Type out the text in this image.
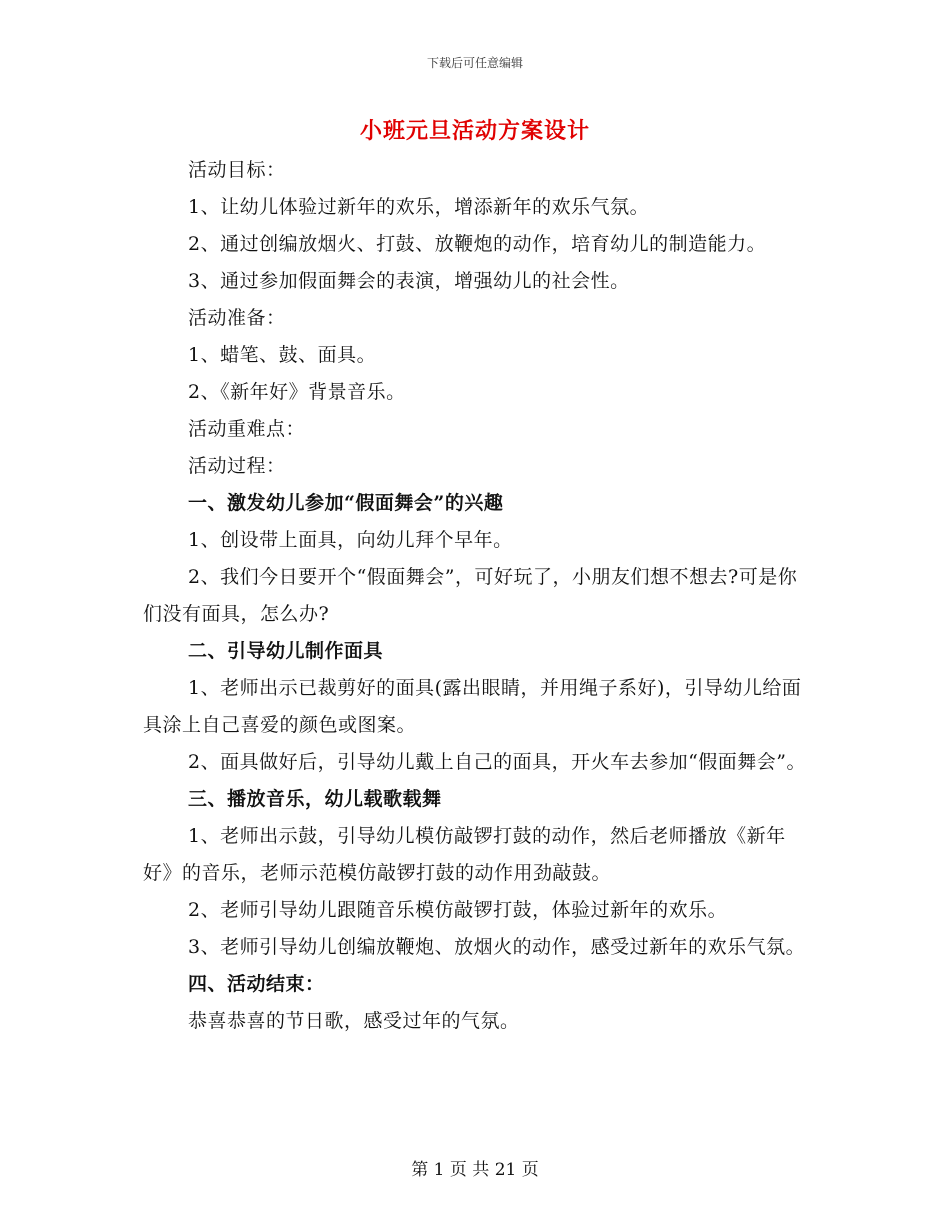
下载后可任意编辑
小班元旦活动方案设计

活动目标：

1、让幼儿体验过新年的欢乐，增添新年的欢乐气氛。

2、通过创编放烟火、打鼓、放鞭炮的动作，培育幼儿的制造能力。

3、通过参加假面舞会的表演，增强幼儿的社会性。

活动准备：

1、蜡笔、鼓、面具。

2、《新年好》背景音乐。

活动重难点：

活动过程：

一、激发幼儿参加“假面舞会”的兴趣

1、创设带上面具，向幼儿拜个早年。

2、我们今日要开个“假面舞会”，可好玩了，小朋友们想不想去?可是你们没有面具，怎么办?

二、引导幼儿制作面具

1、老师出示已裁剪好的面具(露出眼睛，并用绳子系好)，引导幼儿给面具涂上自己喜爱的颜色或图案。

2、面具做好后，引导幼儿戴上自己的面具，开火车去参加“假面舞会”。

三、播放音乐，幼儿载歌载舞

1、老师出示鼓，引导幼儿模仿敲锣打鼓的动作，然后老师播放《新年好》的音乐，老师示范模仿敲锣打鼓的动作用劲敲鼓。

2、老师引导幼儿跟随音乐模仿敲锣打鼓，体验过新年的欢乐。

3、老师引导幼儿创编放鞭炮、放烟火的动作，感受过新年的欢乐气氛。

四、活动结束：

恭喜恭喜的节日歌，感受过年的气氛。

第 1 页 共 21 页
